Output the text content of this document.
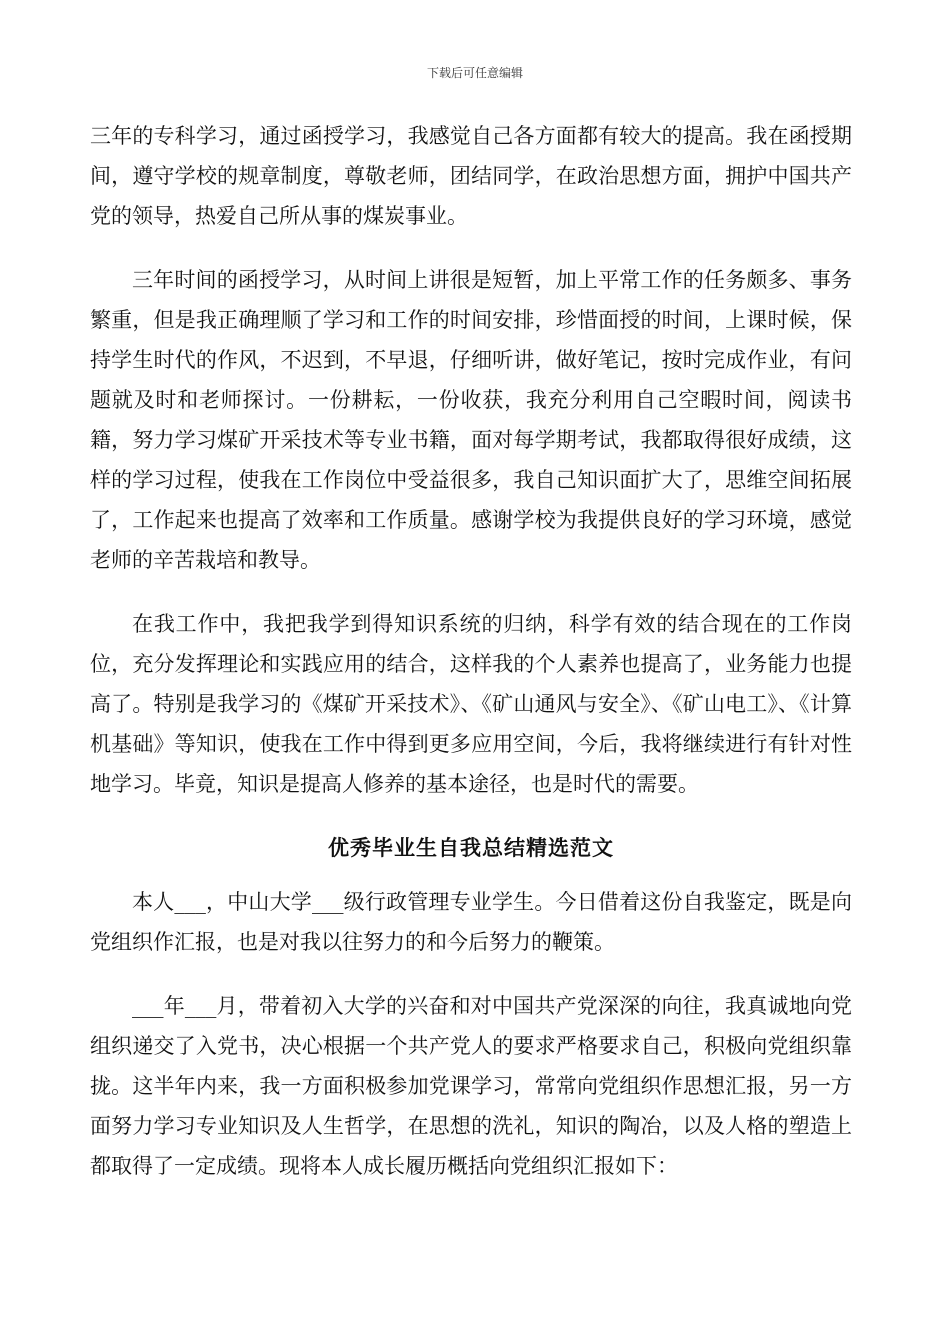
下载后可任意编辑

三年的专科学习，通过函授学习，我感觉自己各方面都有较大的提高。我在函授期间，遵守学校的规章制度，尊敬老师，团结同学，在政治思想方面，拥护中国共产党的领导，热爱自己所从事的煤炭事业。

三年时间的函授学习，从时间上讲很是短暂，加上平常工作的任务颇多、事务繁重，但是我正确理顺了学习和工作的时间安排，珍惜面授的时间，上课时候，保持学生时代的作风，不迟到，不早退，仔细听讲，做好笔记，按时完成作业，有问题就及时和老师探讨。一份耕耘，一份收获，我充分利用自己空暇时间，阅读书籍，努力学习煤矿开采技术等专业书籍，面对每学期考试，我都取得很好成绩，这样的学习过程，使我在工作岗位中受益很多，我自己知识面扩大了，思维空间拓展了，工作起来也提高了效率和工作质量。感谢学校为我提供良好的学习环境，感觉老师的辛苦栽培和教导。

在我工作中，我把我学到得知识系统的归纳，科学有效的结合现在的工作岗位，充分发挥理论和实践应用的结合，这样我的个人素养也提高了，业务能力也提高了。特别是我学习的《煤矿开采技术》、《矿山通风与安全》、《矿山电工》、《计算机基础》等知识，使我在工作中得到更多应用空间，今后，我将继续进行有针对性地学习。毕竟，知识是提高人修养的基本途径，也是时代的需要。

优秀毕业生自我总结精选范文

本人___，中山大学___级行政管理专业学生。今日借着这份自我鉴定，既是向党组织作汇报，也是对我以往努力的和今后努力的鞭策。

___年___月，带着初入大学的兴奋和对中国共产党深深的向往，我真诚地向党组织递交了入党书，决心根据一个共产党人的要求严格要求自己，积极向党组织靠拢。这半年内来，我一方面积极参加党课学习，常常向党组织作思想汇报，另一方面努力学习专业知识及人生哲学，在思想的洗礼，知识的陶冶，以及人格的塑造上都取得了一定成绩。现将本人成长履历概括向党组织汇报如下：
